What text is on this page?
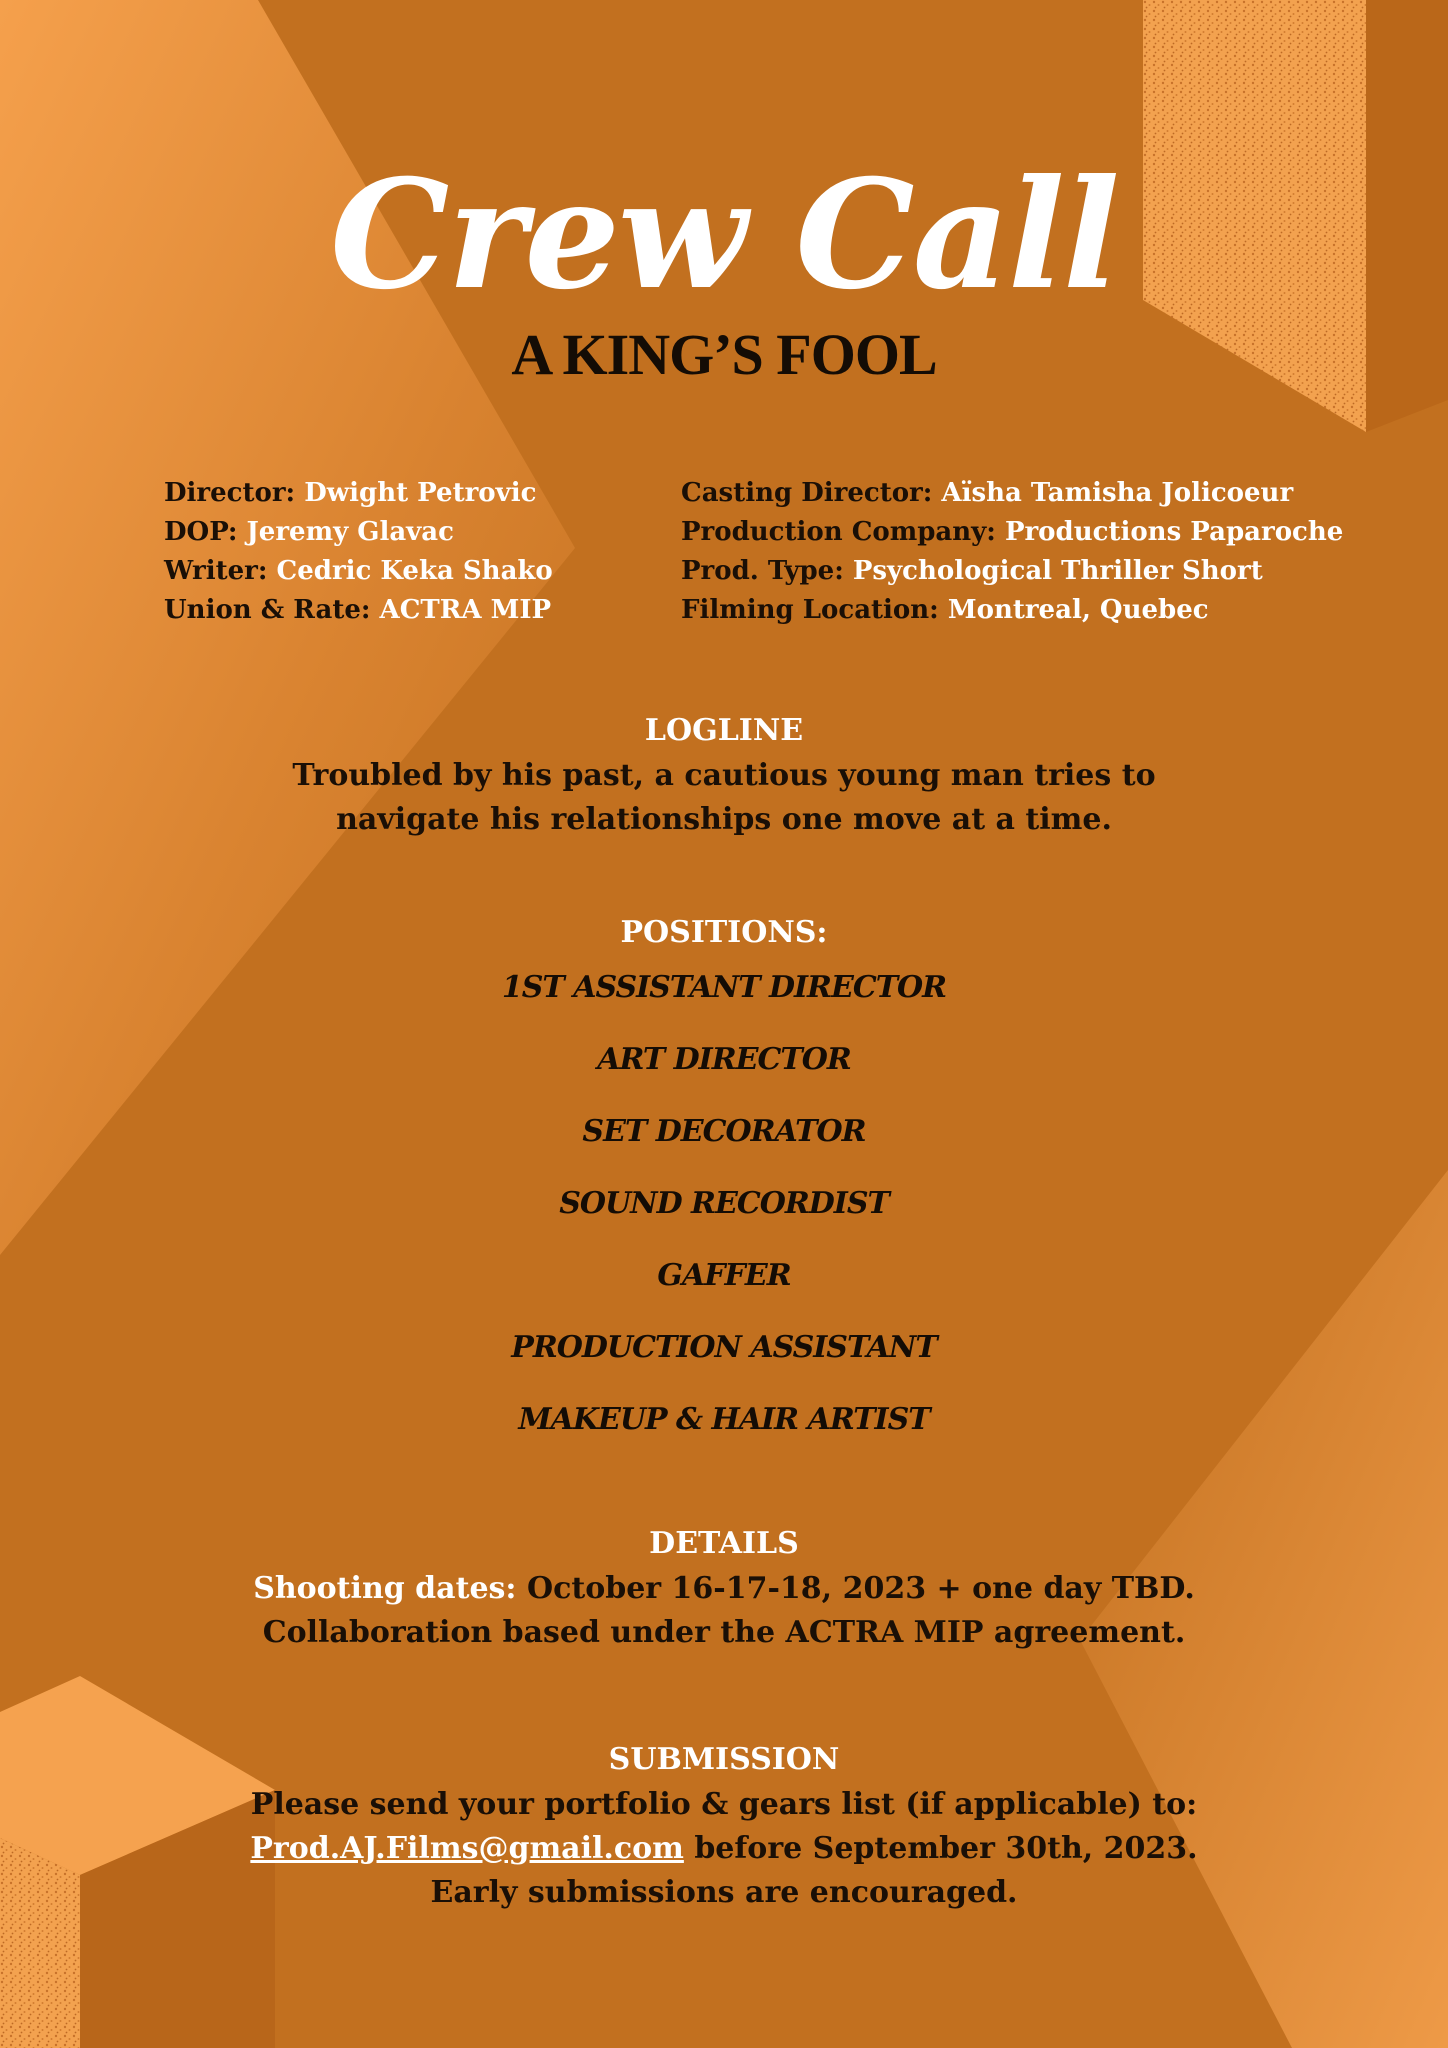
Crew Call
A KING’S FOOL
Director: Dwight Petrovic
DOP: Jeremy Glavac
Writer: Cedric Keka Shako
Union & Rate: ACTRA MIP
Casting Director: Aïsha Tamisha Jolicoeur
Production Company: Productions Paparoche
Prod. Type: Psychological Thriller Short
Filming Location: Montreal, Quebec
LOGLINE
Troubled by his past, a cautious young man tries to
navigate his relationships one move at a time.
POSITIONS:
1ST ASSISTANT DIRECTOR
ART DIRECTOR
SET DECORATOR
SOUND RECORDIST
GAFFER
PRODUCTION ASSISTANT
MAKEUP & HAIR ARTIST
DETAILS
Shooting dates: October 16-17-18, 2023 + one day TBD.
Collaboration based under the ACTRA MIP agreement.
SUBMISSION
Please send your portfolio & gears list (if applicable) to:
Prod.AJ.Films@gmail.com before September 30th, 2023.
Early submissions are encouraged.
